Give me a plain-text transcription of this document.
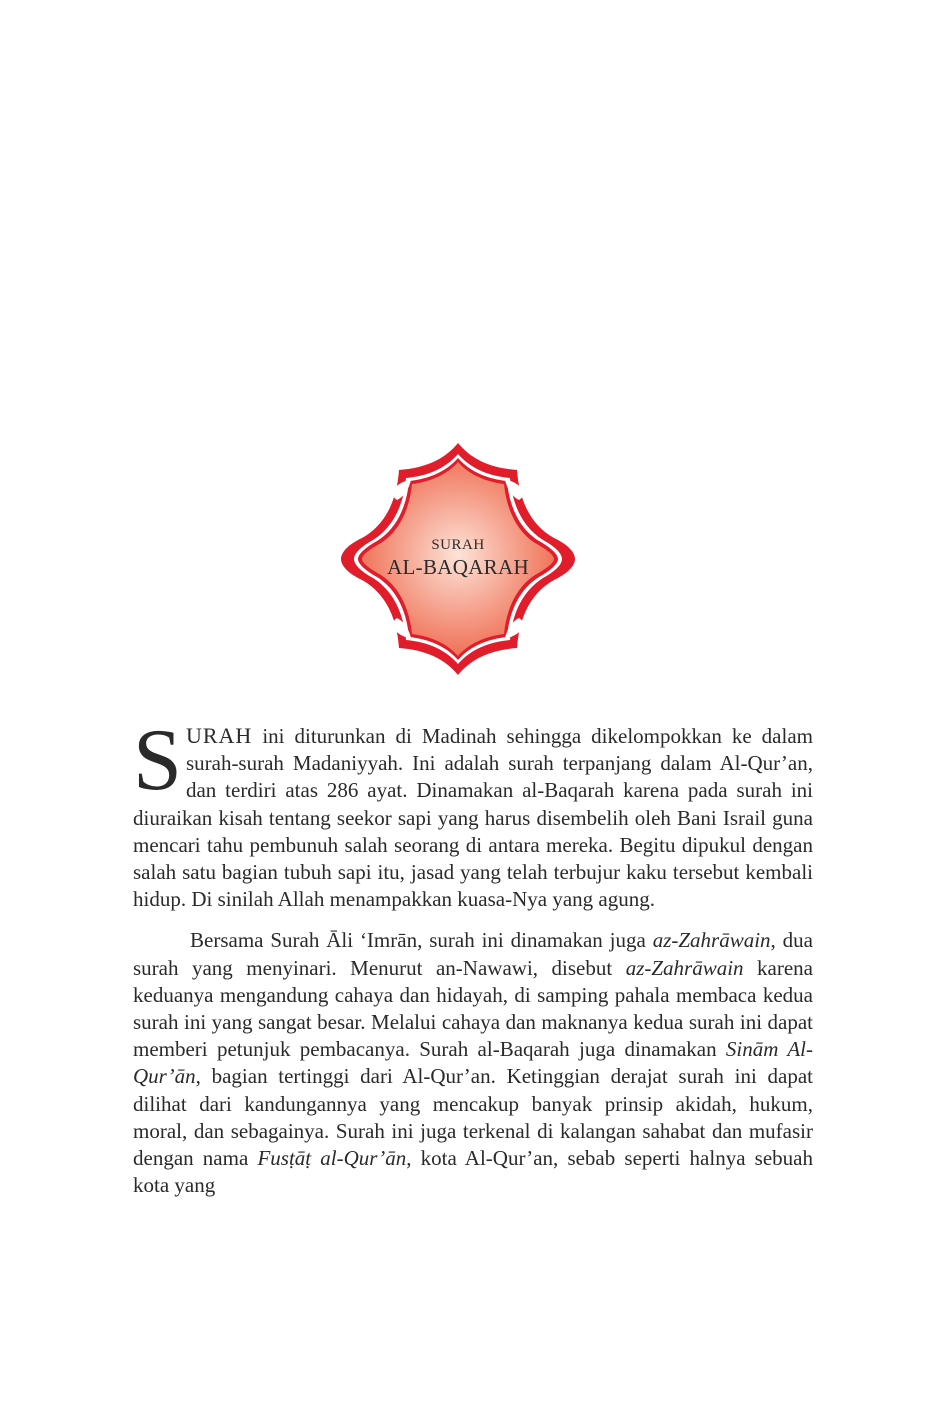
SURAH
AL-BAQARAH

SURAH ini diturunkan di Madinah sehingga dikelompokkan ke dalam surah-surah Madaniyyah. Ini adalah surah terpanjang dalam Al-Qur’an, dan terdiri atas 286 ayat. Dinamakan al-Baqarah karena pada surah ini diuraikan kisah tentang seekor sapi yang harus disembelih oleh Bani Israil guna mencari tahu pembunuh salah seorang di antara mereka. Begitu dipukul dengan salah satu bagian tubuh sapi itu, jasad yang telah terbujur kaku tersebut kembali hidup. Di sinilah Allah menampakkan kuasa-Nya yang agung.

Bersama Surah Āli ‘Imrān, surah ini dinamakan juga az-Zahrāwain, dua surah yang menyinari. Menurut an-Nawawi, disebut az-Zahrāwain karena keduanya mengandung cahaya dan hidayah, di samping pahala membaca kedua surah ini yang sangat besar. Melalui cahaya dan maknanya kedua surah ini dapat memberi petunjuk pembacanya. Surah al-Baqarah juga dinamakan Sinām Al-Qur’ān, bagian tertinggi dari Al-Qur’an. Ketinggian derajat surah ini dapat dilihat dari kandungannya yang mencakup banyak prinsip akidah, hukum, moral, dan sebagainya. Surah ini juga terkenal di kalangan sahabat dan mufasir dengan nama Fusṭāṭ al-Qur’ān, kota Al-Qur’an, sebab seperti halnya sebuah kota yang
